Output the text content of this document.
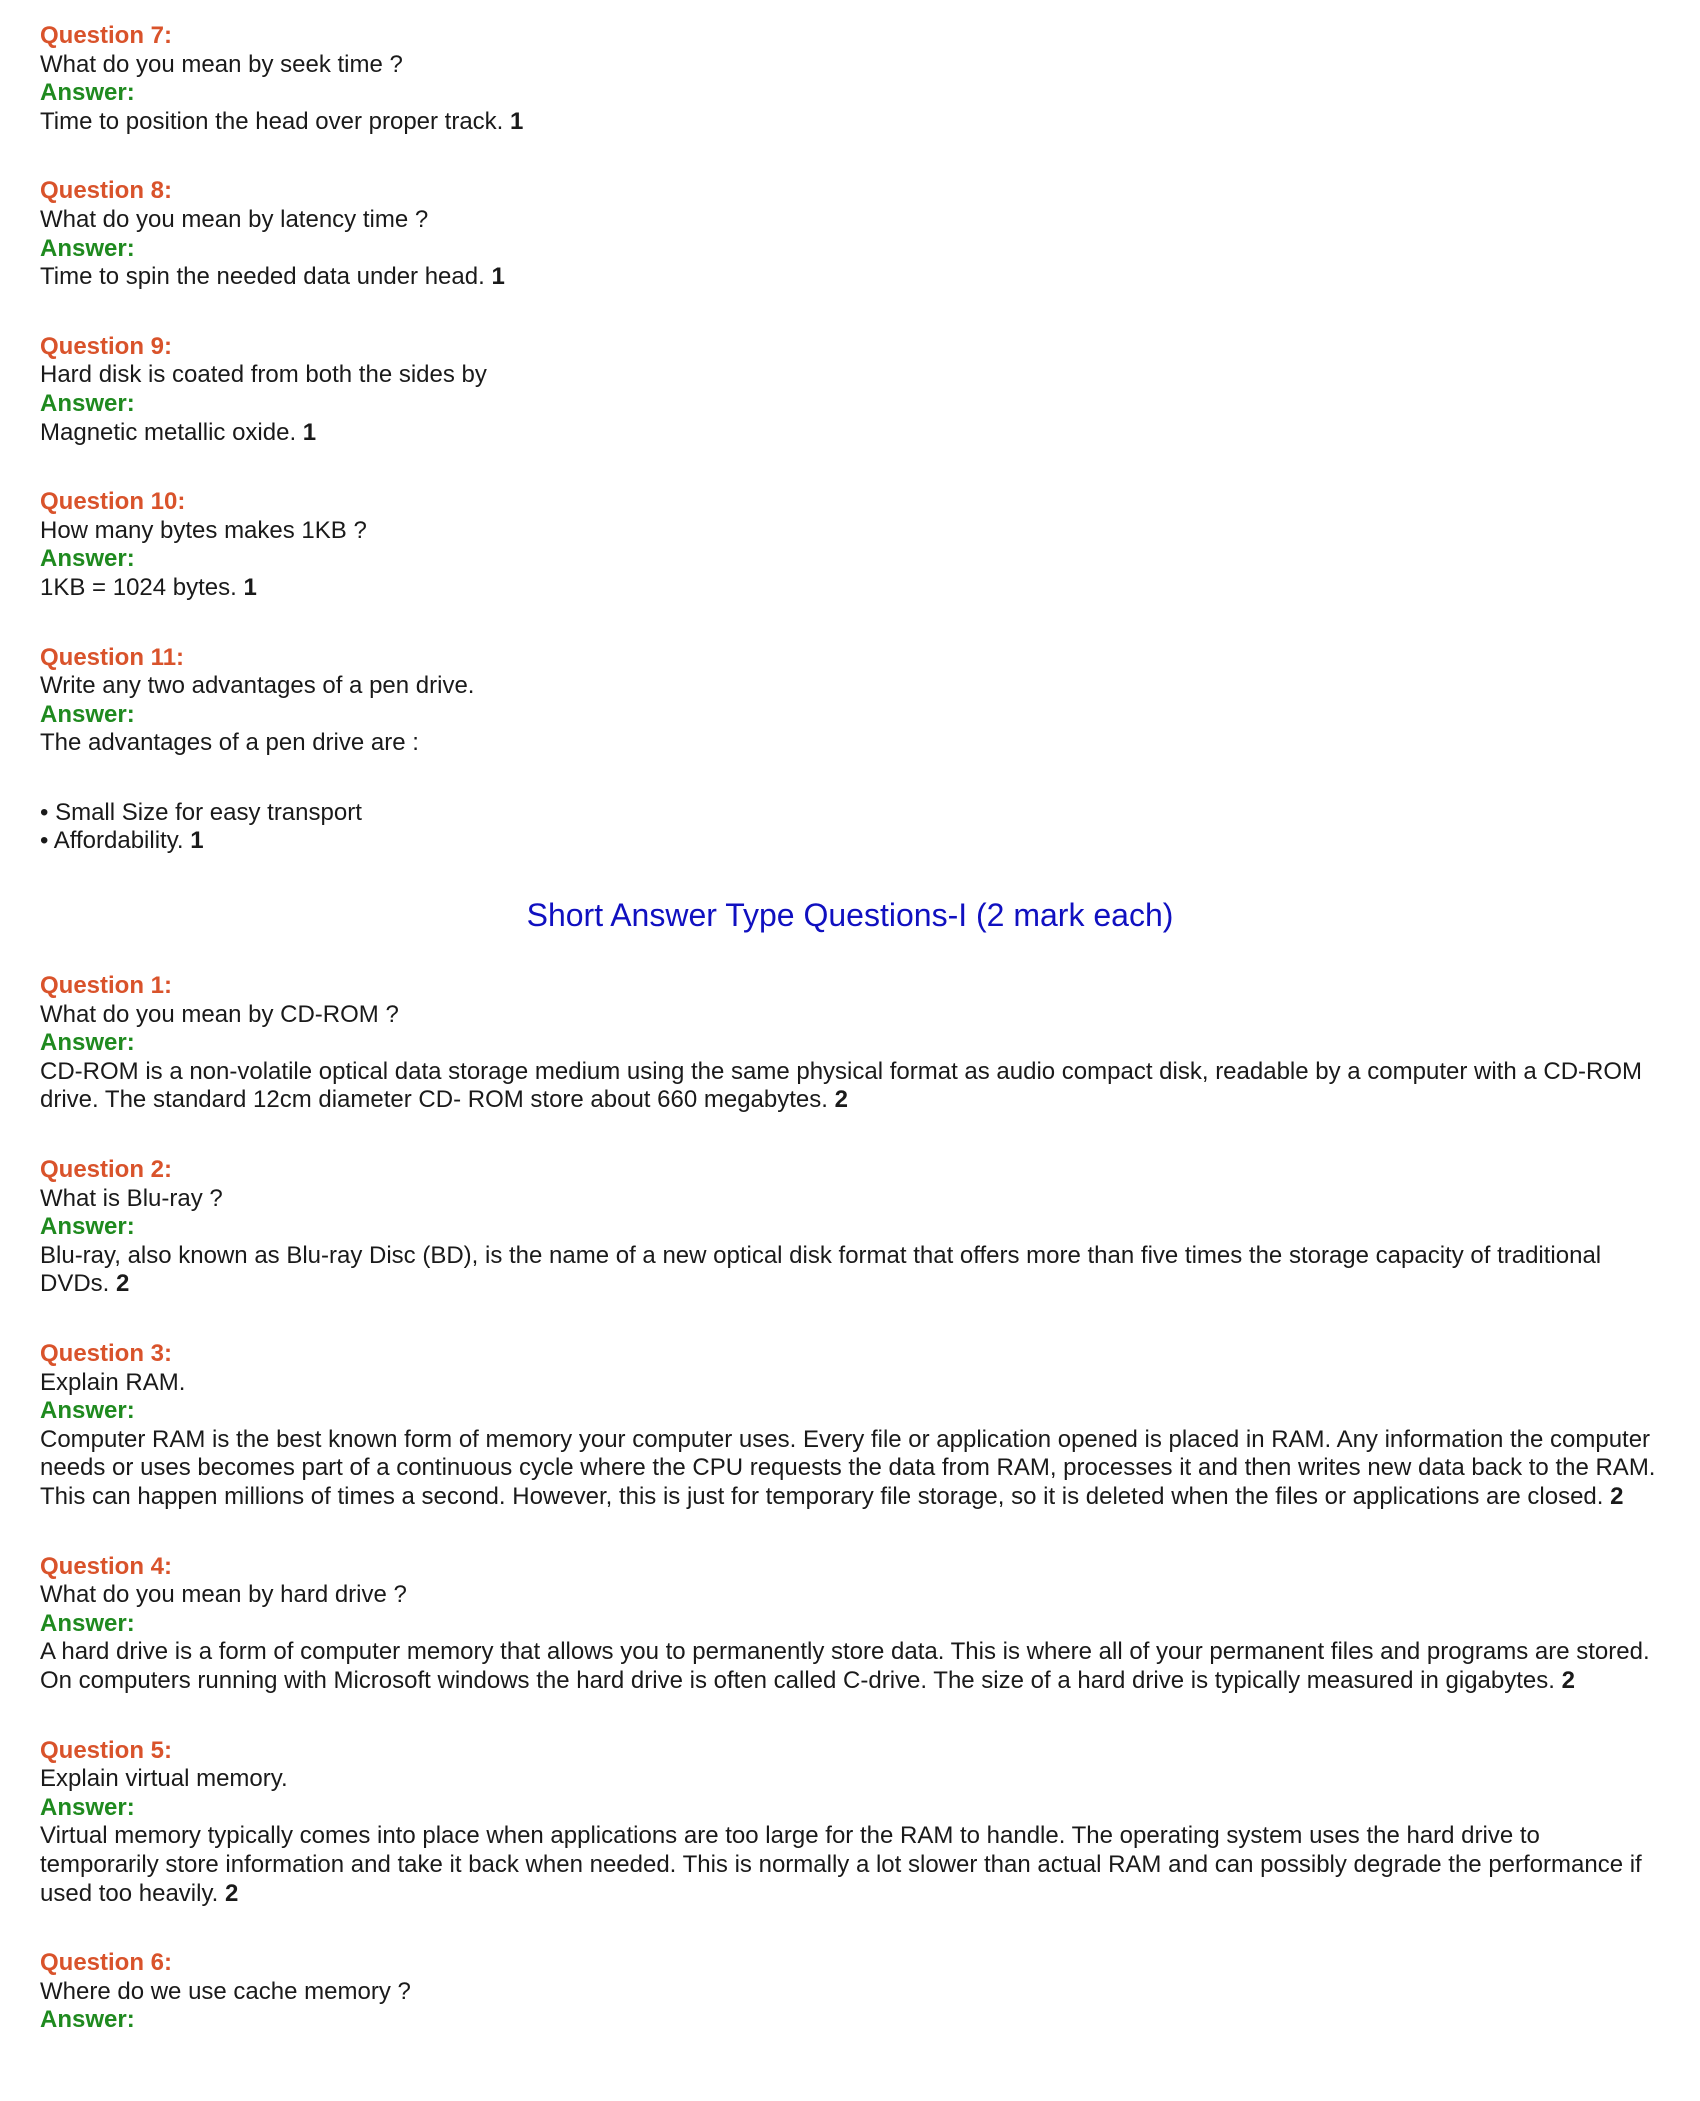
Question 7:
What do you mean by seek time ?
Answer:
Time to position the head over proper track. 1
Question 8:
What do you mean by latency time ?
Answer:
Time to spin the needed data under head. 1
Question 9:
Hard disk is coated from both the sides by
Answer:
Magnetic metallic oxide. 1
Question 10:
How many bytes makes 1KB ?
Answer:
1KB = 1024 bytes. 1
Question 11:
Write any two advantages of a pen drive.
Answer:
The advantages of a pen drive are :
• Small Size for easy transport
• Affordability. 1
Short Answer Type Questions-I (2 mark each)
Question 1:
What do you mean by CD-ROM ?
Answer:
CD-ROM is a non-volatile optical data storage medium using the same physical format as audio compact disk, readable by a computer with a CD-ROM drive. The standard 12cm diameter CD- ROM store about 660 megabytes. 2
Question 2:
What is Blu-ray ?
Answer:
Blu-ray, also known as Blu-ray Disc (BD), is the name of a new optical disk format that offers more than five times the storage capacity of traditional DVDs. 2
Question 3:
Explain RAM.
Answer:
Computer RAM is the best known form of memory your computer uses. Every file or application opened is placed in RAM. Any information the computer needs or uses becomes part of a continuous cycle where the CPU requests the data from RAM, processes it and then writes new data back to the RAM. This can happen millions of times a second. However, this is just for temporary file storage, so it is deleted when the files or applications are closed. 2
Question 4:
What do you mean by hard drive ?
Answer:
A hard drive is a form of computer memory that allows you to permanently store data. This is where all of your permanent files and programs are stored. On computers running with Microsoft windows the hard drive is often called C-drive. The size of a hard drive is typically measured in gigabytes. 2
Question 5:
Explain virtual memory.
Answer:
Virtual memory typically comes into place when applications are too large for the RAM to handle. The operating system uses the hard drive to temporarily store information and take it back when needed. This is normally a lot slower than actual RAM and can possibly degrade the performance if used too heavily. 2
Question 6:
Where do we use cache memory ?
Answer:
